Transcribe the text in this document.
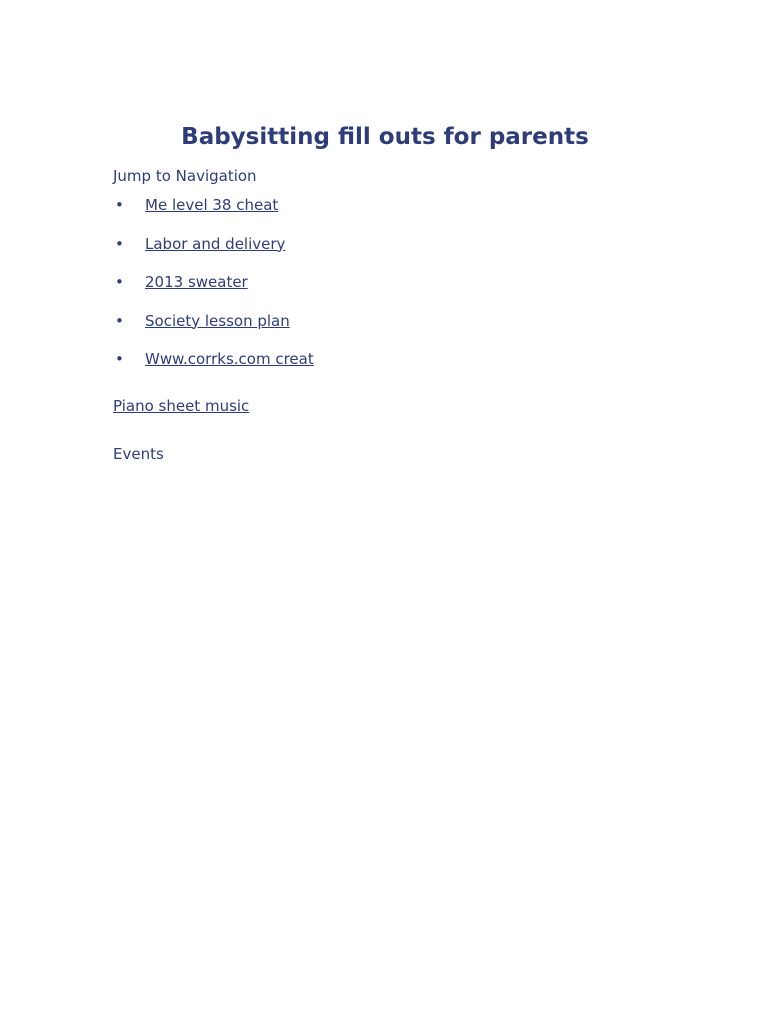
Babysitting fill outs for parents

Jump to Navigation

•	Me level 38 cheat
•	Labor and delivery
•	2013 sweater
•	Society lesson plan
•	Www.corrks.com creat

Piano sheet music

Events
